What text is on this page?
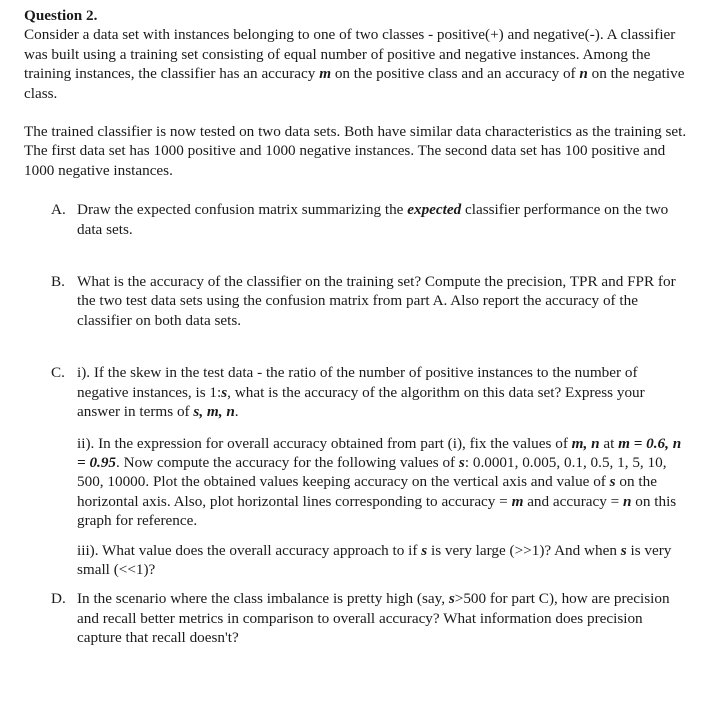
Question 2.

Consider a data set with instances belonging to one of two classes - positive(+) and negative(-). A classifier was built using a training set consisting of equal number of positive and negative instances. Among the training instances, the classifier has an accuracy m on the positive class and an accuracy of n on the negative class.

The trained classifier is now tested on two data sets. Both have similar data characteristics as the training set. The first data set has 1000 positive and 1000 negative instances. The second data set has 100 positive and 1000 negative instances.

A. Draw the expected confusion matrix summarizing the expected classifier performance on the two data sets.
B. What is the accuracy of the classifier on the training set? Compute the precision, TPR and FPR for the two test data sets using the confusion matrix from part A. Also report the accuracy of the classifier on both data sets.
C. i). If the skew in the test data - the ratio of the number of positive instances to the number of negative instances, is 1:s, what is the accuracy of the algorithm on this data set? Express your answer in terms of s, m, n.
ii). In the expression for overall accuracy obtained from part (i), fix the values of m, n at m = 0.6, n = 0.95. Now compute the accuracy for the following values of s: 0.0001, 0.005, 0.1, 0.5, 1, 5, 10, 500, 10000. Plot the obtained values keeping accuracy on the vertical axis and value of s on the horizontal axis. Also, plot horizontal lines corresponding to accuracy = m and accuracy = n on this graph for reference.
iii). What value does the overall accuracy approach to if s is very large (>>1)? And when s is very small (<<1)?
D. In the scenario where the class imbalance is pretty high (say, s>500 for part C), how are precision and recall better metrics in comparison to overall accuracy? What information does precision capture that recall doesn't?
